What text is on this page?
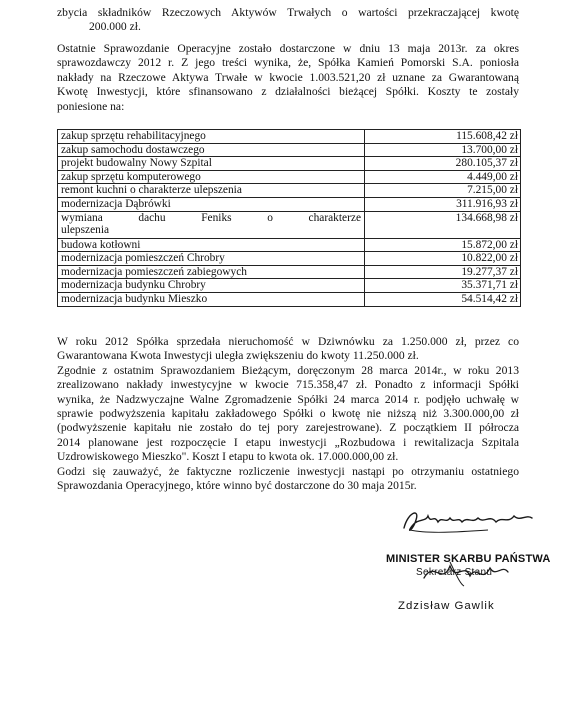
zbycia składników Rzeczowych Aktywów Trwałych o wartości przekraczającej kwotę
200.000 zł.
Ostatnie Sprawozdanie Operacyjne zostało dostarczone w dniu 13 maja 2013r. za okres
sprawozdawczy 2012 r. Z jego treści wynika, że, Spółka Kamień Pomorski S.A. poniosła
nakłady na Rzeczowe Aktywa Trwałe w kwocie 1.003.521,20 zł uznane za Gwarantowaną
Kwotę Inwestycji, które sfinansowano z działalności bieżącej Spółki. Koszty te zostały
poniesione na:
zakup sprzętu rehabilitacyjnego	115.608,42 zł
zakup samochodu dostawczego	13.700,00 zł
projekt budowalny Nowy Szpital	280.105,37 zł
zakup sprzętu komputerowego	4.449,00 zł
remont kuchni o charakterze ulepszenia	7.215,00 zł
modernizacja Dąbrówki	311.916,93 zł

wymiana dachu Feniks o charakterze
ulepszenia	134.668,98 zł
budowa kotłowni	15.872,00 zł
modernizacja pomieszczeń Chrobry	10.822,00 zł
modernizacja pomieszczeń zabiegowych	19.277,37 zł
modernizacja budynku Chrobry	35.371,71 zł
modernizacja budynku Mieszko	54.514,42 zł
W roku 2012 Spółka sprzedała nieruchomość w Dziwnówku za 1.250.000 zł, przez co
Gwarantowana Kwota Inwestycji uległa zwiększeniu do kwoty 11.250.000 zł.
Zgodnie z ostatnim Sprawozdaniem Bieżącym, doręczonym 28 marca 2014r., w roku 2013
zrealizowano nakłady inwestycyjne w kwocie 715.358,47 zł. Ponadto z informacji Spółki
wynika, że Nadzwyczajne Walne Zgromadzenie Spółki 24 marca 2014 r. podjęło uchwałę w
sprawie podwyższenia kapitału zakładowego Spółki o kwotę nie niższą niż 3.300.000,00 zł
(podwyższenie kapitału nie zostało do tej pory zarejestrowane). Z początkiem II półrocza
2014 planowane jest rozpoczęcie I etapu inwestycji „Rozbudowa i rewitalizacja Szpitala
Uzdrowiskowego Mieszko". Koszt I etapu to kwota ok. 17.000.000,00 zł.
Godzi się zauważyć, że faktyczne rozliczenie inwestycji nastąpi po otrzymaniu ostatniego
Sprawozdania Operacyjnego, które winno być dostarczone do 30 maja 2015r.
MINISTER SKARBU PAŃSTWA
Sekretarz Stanu
Zdzisław Gawlik
